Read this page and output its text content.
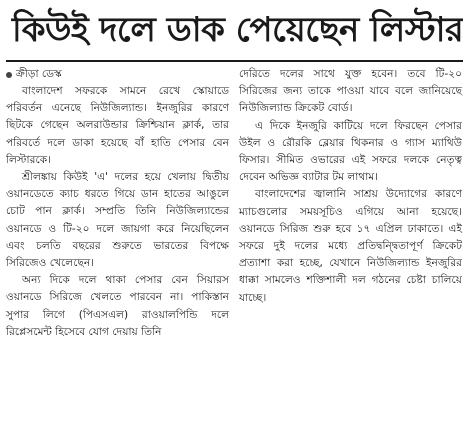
কিউই দলে ডাক পেয়েছেন লিস্টার
ক্রীড়া ডেস্ক

বাংলাদেশ সফরকে সামনে রেখে স্কোয়াডে পরিবর্তন এনেছে নিউজিল্যান্ড। ইনজুরির কারণে ছিটকে গেছেন অলরাউন্ডার ক্রিশ্চিয়ান ক্লার্ক, তার পরিবর্তে দলে ডাকা হয়েছে বাঁ হাতি পেসার বেন লিস্টারকে।

শ্রীলঙ্কায় কিউই 'এ' দলের হয়ে খেলায় দ্বিতীয় ওয়ানডেতে ক্যাচ ধরতে গিয়ে ডান হাতের আঙুলে চোট পান ক্লার্ক। সম্প্রতি তিনি নিউজিল্যান্ডের ওয়ানডে ও টি-২০ দলে জায়গা করে নিয়েছিলেন এবং চলতি বছরের শুরুতে ভারতের বিপক্ষে সিরিজেও খেলেছেন।

অন্য দিকে দলে থাকা পেসার বেন সিয়ারস ওয়ানডে সিরিজে খেলতে পারবেন না। পাকিস্তান সুপার লিগে (পিএসএল) রাওয়ালপিন্ডি দলে রিপ্লেসমেন্ট হিসেবে যোগ দেয়ায় তিনি

দেরিতে দলের সাথে যুক্ত হবেন। তবে টি-২০ সিরিজের জন্য তাকে পাওয়া যাবে বলে জানিয়েছে নিউজিল্যান্ড ক্রিকেট বোর্ড।

এ দিকে ইনজুরি কাটিয়ে দলে ফিরছেন পেসার উইল ও রৌরকি ব্লেয়ার থিকনার ও গ্যাস ম্যাথিউ ফিসার। সীমিত ওভারের এই সফরে দলকে নেতৃত্ব দেবেন অভিজ্ঞ ব্যাটার টম লাথাম।

বাংলাদেশের জ্বালানি সাশ্রয় উদ্যোগের কারণে ম্যাচগুলোর সময়সূচিও এগিয়ে আনা হয়েছে। ওয়ানডে সিরিজ শুরু হবে ১৭ এপ্রিল ঢাকাতে। এই সফরে দুই দলের মধ্যে প্রতিদ্বন্দ্বিতাপূর্ণ ক্রিকেট প্রত্যাশা করা হচ্ছে, যেখানে নিউজিল্যান্ড ইনজুরির ধাক্কা সামলেও শক্তিশালী দল গঠনের চেষ্টা চালিয়ে যাচ্ছে।
